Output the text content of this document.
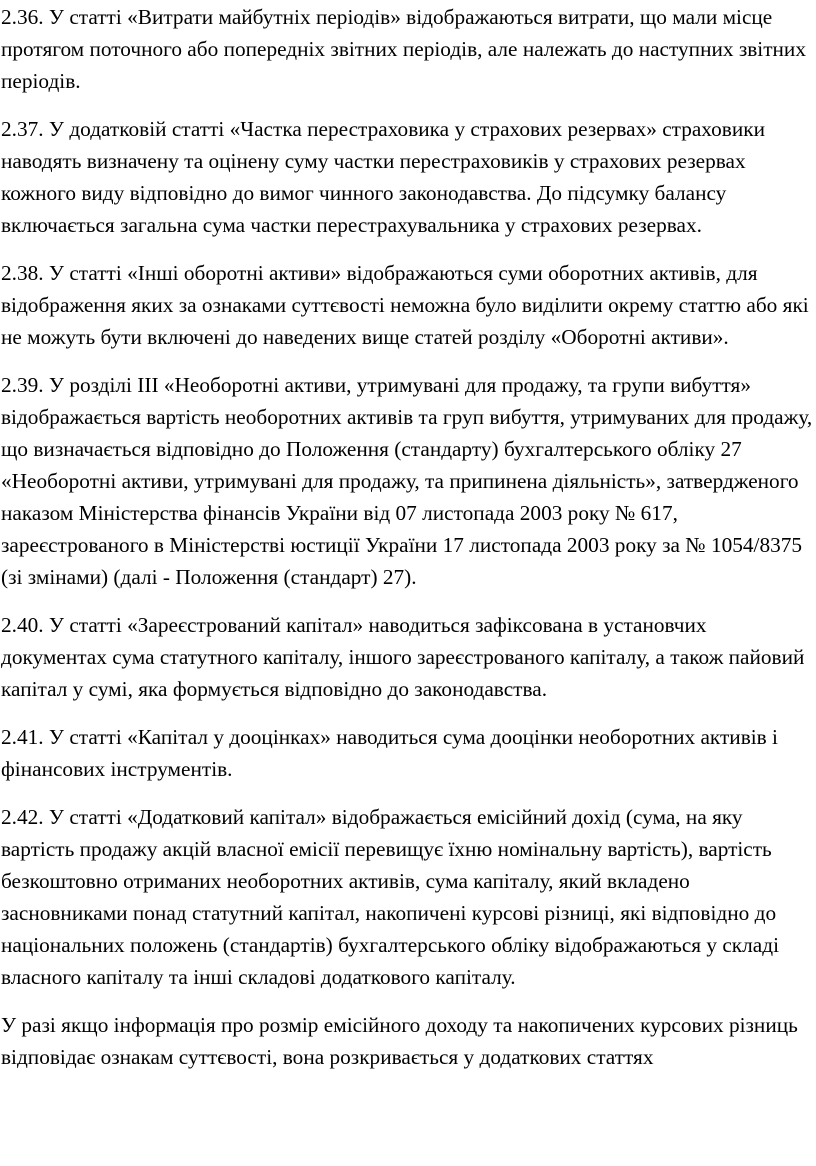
2.36. У статті «Витрати майбутніх періодів» відображаються витрати, що мали місце протягом поточного або попередніх звітних періодів, але належать до наступних звітних періодів.

2.37. У додатковій статті «Частка перестраховика у страхових резервах» страховики наводять визначену та оцінену суму частки перестраховиків у страхових резервах кожного виду відповідно до вимог чинного законодавства. До підсумку балансу включається загальна сума частки перестрахувальника у страхових резервах.

2.38. У статті «Інші оборотні активи» відображаються суми оборотних активів, для відображення яких за ознаками суттєвості неможна було виділити окрему статтю або які не можуть бути включені до наведених вище статей розділу «Оборотні активи».

2.39. У розділі III «Необоротні активи, утримувані для продажу, та групи вибуття» відображається вартість необоротних активів та груп вибуття, утримуваних для продажу, що визначається відповідно до Положення (стандарту) бухгалтерського обліку 27 «Необоротні активи, утримувані для продажу, та припинена діяльність», затвердженого наказом Міністерства фінансів України від 07 листопада 2003 року № 617, зареєстрованого в Міністерстві юстиції України 17 листопада 2003 року за № 1054/8375 (зі змінами) (далі - Положення (стандарт) 27).

2.40. У статті «Зареєстрований капітал» наводиться зафіксована в установчих документах сума статутного капіталу, іншого зареєстрованого капіталу, а також пайовий капітал у сумі, яка формується відповідно до законодавства.

2.41. У статті «Капітал у дооцінках» наводиться сума дооцінки необоротних активів і фінансових інструментів.

2.42. У статті «Додатковий капітал» відображається емісійний дохід (сума, на яку вартість продажу акцій власної емісії перевищує їхню номінальну вартість), вартість безкоштовно отриманих необоротних активів, сума капіталу, який вкладено засновниками понад статутний капітал, накопичені курсові різниці, які відповідно до національних положень (стандартів) бухгалтерського обліку відображаються у складі власного капіталу та інші складові додаткового капіталу.

У разі якщо інформація про розмір емісійного доходу та накопичених курсових різниць відповідає ознакам суттєвості, вона розкривається у додаткових статтях
